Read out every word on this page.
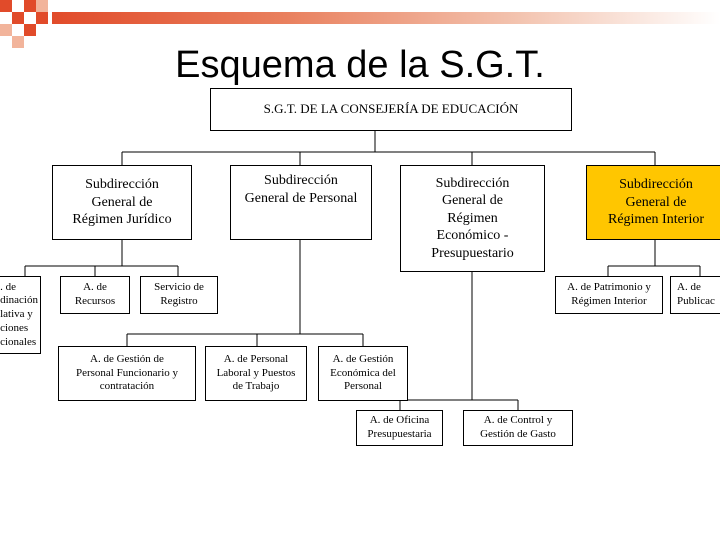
Esquema de la S.G.T.
S.G.T. DE LA CONSEJERÍA DE EDUCACIÓN
Subdirección
General de
Régimen Jurídico
Subdirección
General de Personal
Subdirección
General de
Régimen
Económico -
Presupuestario
Subdirección
General de
Régimen Interior
. de
dinación
lativa y
ciones
cionales
A. de
Recursos
Servicio de
Registro
A. de Gestión de
Personal Funcionario y
contratación
A. de Personal
Laboral y Puestos
de Trabajo
A. de Gestión
Económica del
Personal
A. de Oficina
Presupuestaria
A. de Control y
Gestión de Gasto
A. de Patrimonio y
Régimen Interior
A. de
Publicac
